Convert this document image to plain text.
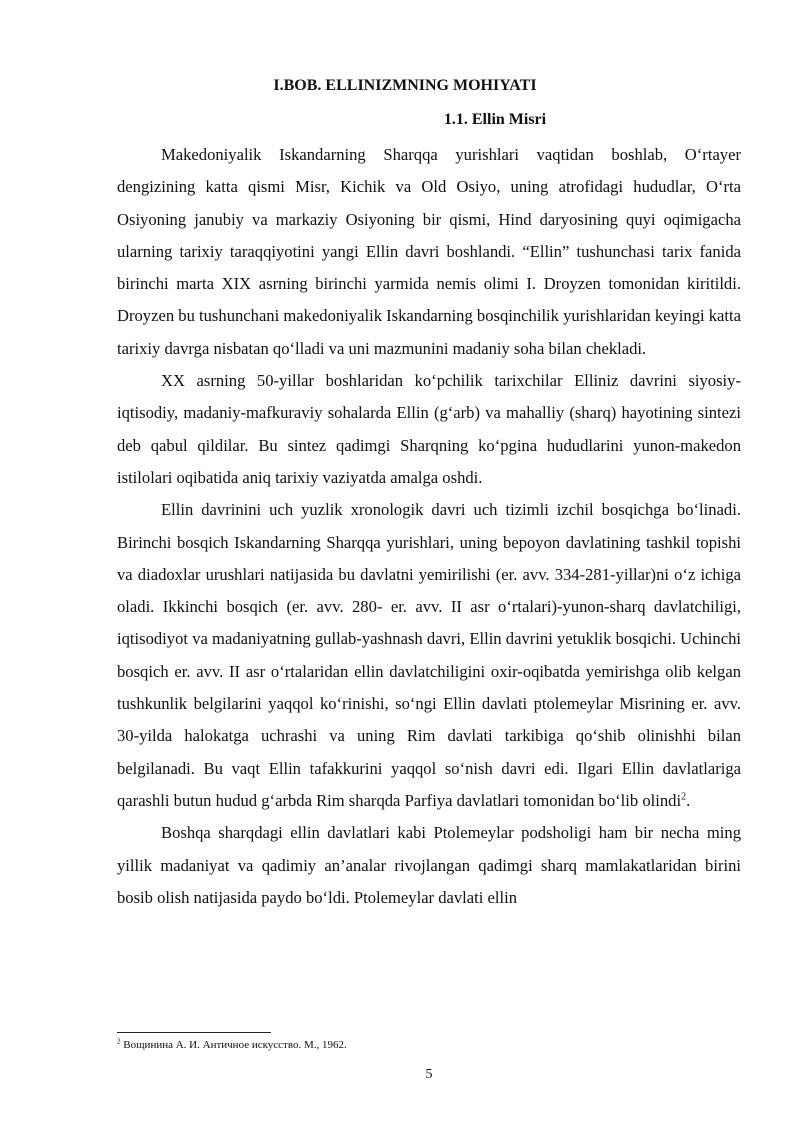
I.BOB. ELLINIZMNING MOHIYATI
1.1. Ellin Misri

Makedoniyalik Iskandarning Sharqqa yurishlari vaqtidan boshlab, O‘rtayer dengizining katta qismi Misr, Kichik va Old Osiyo, uning atrofidagi hududlar, O‘rta Osiyoning janubiy va markaziy Osiyoning bir qismi, Hind daryosining quyi oqimigacha ularning tarixiy taraqqiyotini yangi Ellin davri boshlandi. “Ellin” tushunchasi tarix fanida birinchi marta XIX asrning birinchi yarmida nemis olimi I. Droyzen tomonidan kiritildi. Droyzen bu tushunchani makedoniyalik Iskandarning bosqinchilik yurishlaridan keyingi katta tarixiy davrga nisbatan qo‘lladi va uni mazmunini madaniy soha bilan chekladi.

XX asrning 50-yillar boshlaridan ko‘pchilik tarixchilar Elliniz davrini siyosiy-iqtisodiy, madaniy-mafkuraviy sohalarda Ellin (g‘arb) va mahalliy (sharq) hayotining sintezi deb qabul qildilar. Bu sintez qadimgi Sharqning ko‘pgina hududlarini yunon-makedon istilolari oqibatida aniq tarixiy vaziyatda amalga oshdi.

Ellin davrinini uch yuzlik xronologik davri uch tizimli izchil bosqichga bo‘linadi. Birinchi bosqich Iskandarning Sharqqa yurishlari, uning bepoyon davlatining tashkil topishi va diadoxlar urushlari natijasida bu davlatni yemirilishi (er. avv. 334-281-yillar)ni o‘z ichiga oladi. Ikkinchi bosqich (er. avv. 280- er. avv. II asr o‘rtalari)-yunon-sharq davlatchiligi, iqtisodiyot va madaniyatning gullab-yashnash davri, Ellin davrini yetuklik bosqichi. Uchinchi bosqich er. avv. II asr o‘rtalaridan ellin davlatchiligini oxir-oqibatda yemirishga olib kelgan tushkunlik belgilarini yaqqol ko‘rinishi, so‘ngi Ellin davlati ptolemeylar Misrining er. avv. 30-yilda halokatga uchrashi va uning Rim davlati tarkibiga qo‘shib olinishhi bilan belgilanadi. Bu vaqt Ellin tafakkurini yaqqol so‘nish davri edi. Ilgari Ellin davlatlariga qarashli butun hudud g‘arbda Rim sharqda Parfiya davlatlari tomonidan bo‘lib olindi$^2$.

Boshqa sharqdagi ellin davlatlari kabi Ptolemeylar podsholigi ham bir necha ming yillik madaniyat va qadimiy an’analar rivojlangan qadimgi sharq mamlakatlaridan birini bosib olish natijasida paydo bo‘ldi. Ptolemeylar davlati ellin

$^2$ Вощинина А. И. Античное искусство. М., 1962.

5
